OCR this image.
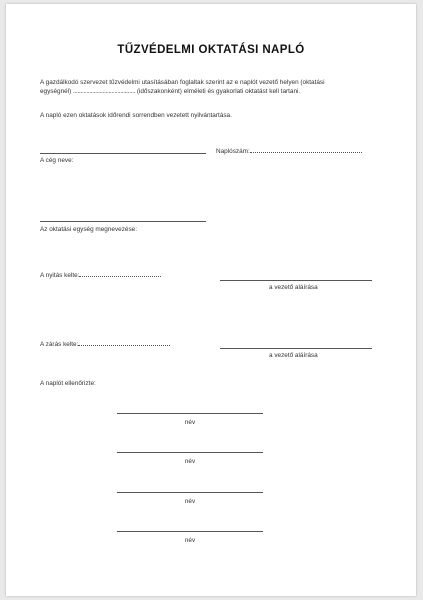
TŰZVÉDELMI OKTATÁSI NAPLÓ
A gazdálkodó szervezet tűzvédelmi utasításában foglaltak szerint az e naplót vezető helyen (oktatási
egységnél) .......................................... (időszakonként) elméleti és gyakorlati oktatást kell tartani.
A napló ezen oktatások időrendi sorrendben vezetett nyilvántartása.
A cég neve:
Naplószám:
Az oktatási egység megnevezése:
A nyitás kelte:
a vezető aláírása
A zárás kelte:
a vezető aláírása
A naplót ellenőrizte:
név
név
név
név
